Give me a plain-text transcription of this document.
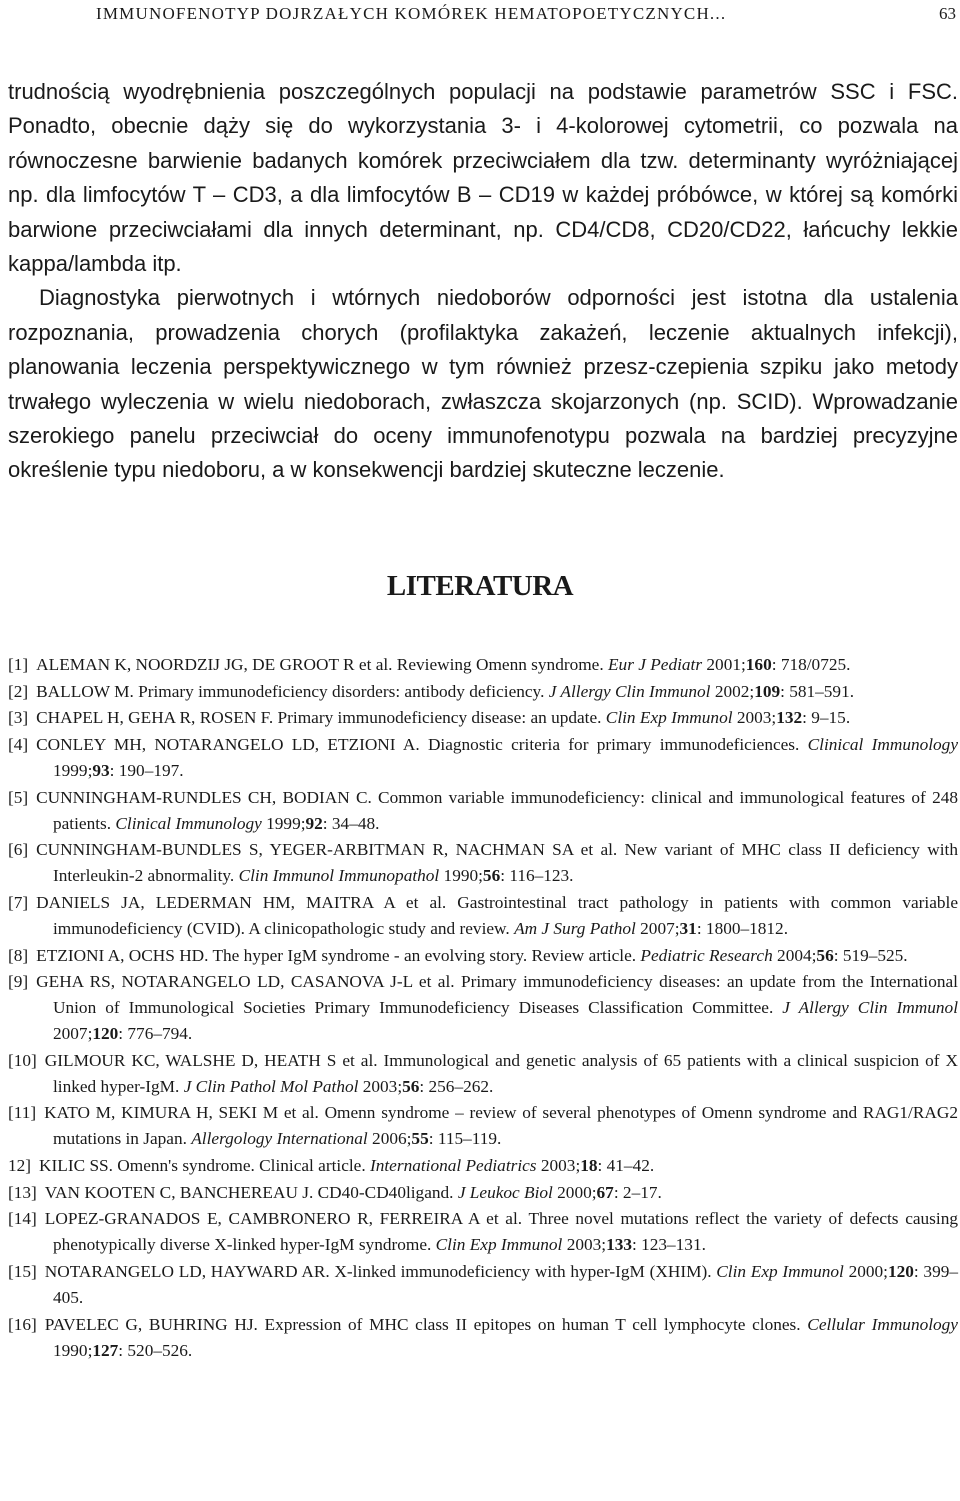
IMMUNOFENOTYP DOJRZAŁYCH KOMÓREK HEMATOPOETYCZNYCH...	63

trudnością wyodrębnienia poszczególnych populacji na podstawie parametrów SSC i FSC. Ponadto, obecnie dąży się do wykorzystania 3- i 4-kolorowej cytometrii, co pozwala na równoczesne barwienie badanych komórek przeciwciałem dla tzw. determinanty wyróżniającej np. dla limfocytów T – CD3, a dla limfocytów B – CD19 w każdej próbówce, w której są komórki barwione przeciwciałami dla innych determinant, np. CD4/CD8, CD20/CD22, łańcuchy lekkie kappa/lambda itp.

Diagnostyka pierwotnych i wtórnych niedoborów odporności jest istotna dla ustalenia rozpoznania, prowadzenia chorych (profilaktyka zakażeń, leczenie aktualnych infekcji), planowania leczenia perspektywicznego w tym również przesz-czepienia szpiku jako metody trwałego wyleczenia w wielu niedoborach, zwłaszcza skojarzonych (np. SCID). Wprowadzanie szerokiego panelu przeciwciał do oceny immunofenotypu pozwala na bardziej precyzyjne określenie typu niedoboru, a w konsekwencji bardziej skuteczne leczenie.

LITERATURA
[1] ALEMAN K, NOORDZIJ JG, DE GROOT R et al. Reviewing Omenn syndrome. Eur J Pediatr 2001;160: 718/0725.
[2] BALLOW M. Primary immunodeficiency disorders: antibody deficiency. J Allergy Clin Immunol 2002;109: 581–591.
[3] CHAPEL H, GEHA R, ROSEN F. Primary immunodeficiency disease: an update. Clin Exp Immunol 2003;132: 9–15.
[4] CONLEY MH, NOTARANGELO LD, ETZIONI A. Diagnostic criteria for primary immunodeficiences. Clinical Immunology 1999;93: 190–197.
[5] CUNNINGHAM-RUNDLES CH, BODIAN C. Common variable immunodeficiency: clinical and immunological features of 248 patients. Clinical Immunology 1999;92: 34–48.
[6] CUNNINGHAM-BUNDLES S, YEGER-ARBITMAN R, NACHMAN SA et al. New variant of MHC class II deficiency with Interleukin-2 abnormality. Clin Immunol Immunopathol 1990;56: 116–123.
[7] DANIELS JA, LEDERMAN HM, MAITRA A et al. Gastrointestinal tract pathology in patients with common variable immunodeficiency (CVID). A clinicopathologic study and review. Am J Surg Pathol 2007;31: 1800–1812.
[8] ETZIONI A, OCHS HD. The hyper IgM syndrome - an evolving story. Review article. Pediatric Research 2004;56: 519–525.
[9] GEHA RS, NOTARANGELO LD, CASANOVA J-L et al. Primary immunodeficiency diseases: an update from the International Union of Immunological Societies Primary Immunodeficiency Diseases Classification Committee. J Allergy Clin Immunol 2007;120: 776–794.
[10] GILMOUR KC, WALSHE D, HEATH S et al. Immunological and genetic analysis of 65 patients with a clinical suspicion of X linked hyper-IgM. J Clin Pathol Mol Pathol 2003;56: 256–262.
[11] KATO M, KIMURA H, SEKI M et al. Omenn syndrome – review of several phenotypes of Omenn syndrome and RAG1/RAG2 mutations in Japan. Allergology International 2006;55: 115–119.
12] KILIC SS. Omenn's syndrome. Clinical article. International Pediatrics 2003;18: 41–42.
[13] VAN KOOTEN C, BANCHEREAU J. CD40-CD40ligand. J Leukoc Biol 2000;67: 2–17.
[14] LOPEZ-GRANADOS E, CAMBRONERO R, FERREIRA A et al. Three novel mutations reflect the variety of defects causing phenotypically diverse X-linked hyper-IgM syndrome. Clin Exp Immunol 2003;133: 123–131.
[15] NOTARANGELO LD, HAYWARD AR. X-linked immunodeficiency with hyper-IgM (XHIM). Clin Exp Immunol 2000;120: 399–405.
[16] PAVELEC G, BUHRING HJ. Expression of MHC class II epitopes on human T cell lymphocyte clones. Cellular Immunology 1990;127: 520–526.
